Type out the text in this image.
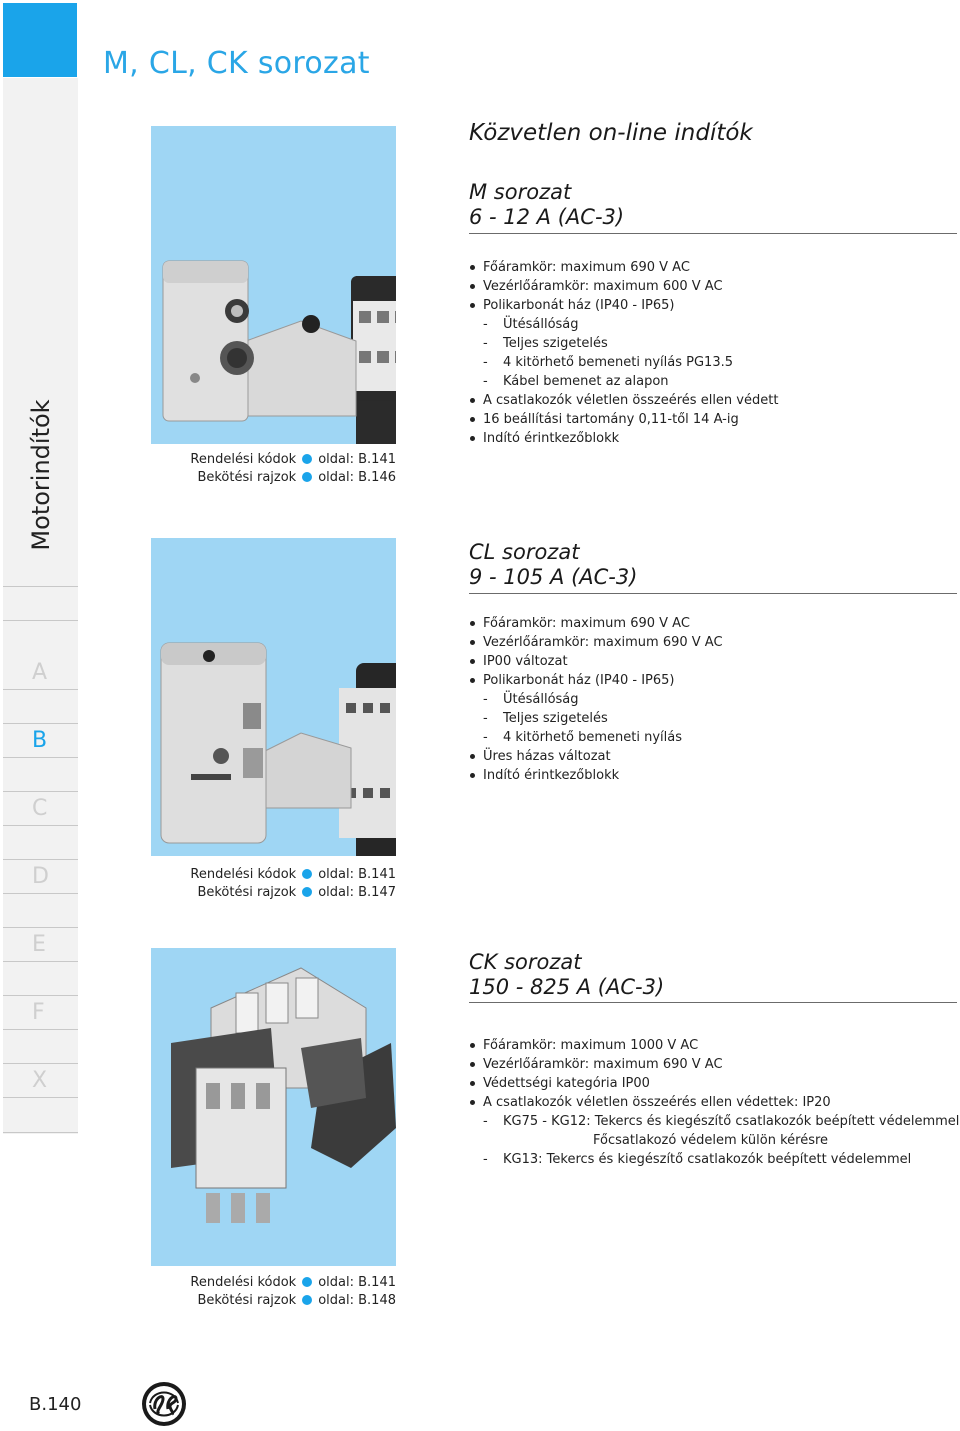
M, CL, CK sorozat
Közvetlen on-line indítók
Motorindítók
A
B
C
D
E
F
X
Rendelési kódok oldal: B.141
Bekötési rajzok oldal: B.146
M sorozat
6 - 12 A (AC-3)
Főáramkör: maximum 690 V AC
Vezérlőáramkör: maximum 600 V AC
Polikarbonát ház (IP40 - IP65)
- Ütésállóság
- Teljes szigetelés
- 4 kitörhető bemeneti nyílás PG13.5
- Kábel bemenet az alapon
A csatlakozók véletlen összeérés ellen védett
16 beállítási tartomány 0,11-től 14 A-ig
Indító érintkezőblokk
Rendelési kódok oldal: B.141
Bekötési rajzok oldal: B.147
CL sorozat
9 - 105 A (AC-3)
Főáramkör: maximum 690 V AC
Vezérlőáramkör: maximum 690 V AC
IP00 változat
Polikarbonát ház (IP40 - IP65)
- Ütésállóság
- Teljes szigetelés
- 4 kitörhető bemeneti nyílás
Üres házas változat
Indító érintkezőblokk
Rendelési kódok oldal: B.141
Bekötési rajzok oldal: B.148
CK sorozat
150 - 825 A (AC-3)
Főáramkör: maximum 1000 V AC
Vezérlőáramkör: maximum 690 V AC
Védettségi kategória IP00
A csatlakozók véletlen összeérés ellen védettek: IP20
- KG75 - KG12: Tekercs és kiegészítő csatlakozók beépített védelemmel
Főcsatlakozó védelem külön kérésre
- KG13: Tekercs és kiegészítő csatlakozók beépített védelemmel
B.140
